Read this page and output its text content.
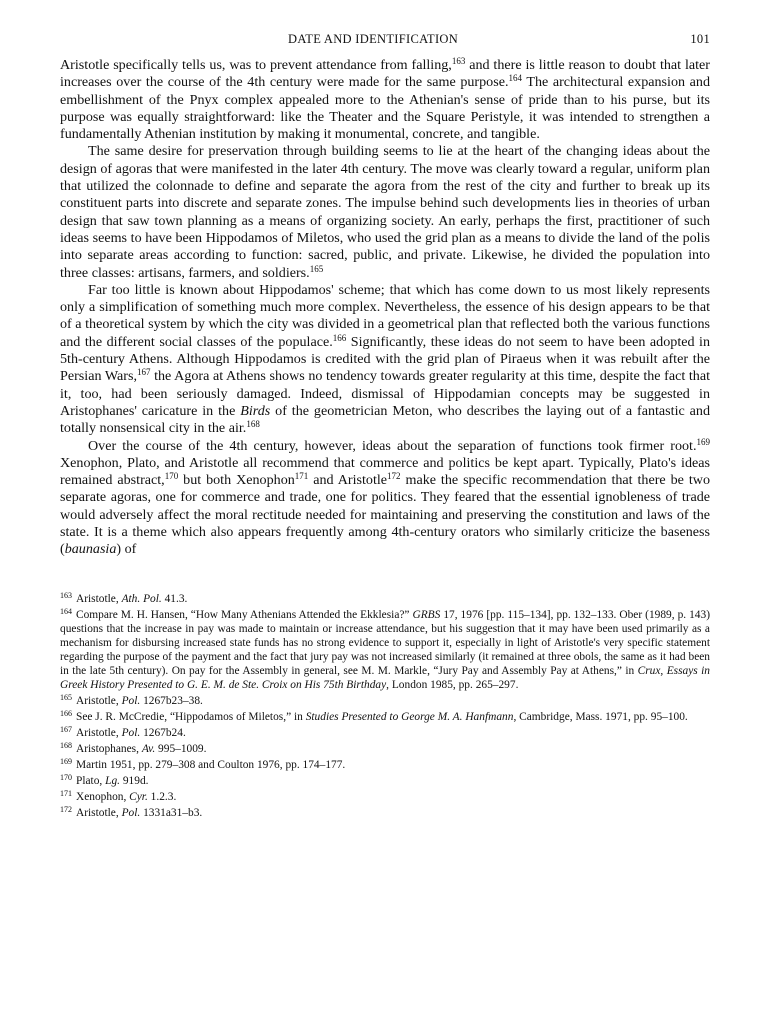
DATE AND IDENTIFICATION	101

Aristotle specifically tells us, was to prevent attendance from falling,$^{163}$ and there is little reason to doubt that later increases over the course of the 4th century were made for the same purpose.$^{164}$ The architectural expansion and embellishment of the Pnyx complex appealed more to the Athenian's sense of pride than to his purse, but its purpose was equally straightforward: like the Theater and the Square Peristyle, it was intended to strengthen a fundamentally Athenian institution by making it monumental, concrete, and tangible.

The same desire for preservation through building seems to lie at the heart of the changing ideas about the design of agoras that were manifested in the later 4th century. The move was clearly toward a regular, uniform plan that utilized the colonnade to define and separate the agora from the rest of the city and further to break up its constituent parts into discrete and separate zones. The impulse behind such developments lies in theories of urban design that saw town planning as a means of organizing society. An early, perhaps the first, practitioner of such ideas seems to have been Hippodamos of Miletos, who used the grid plan as a means to divide the land of the polis into separate areas according to function: sacred, public, and private. Likewise, he divided the population into three classes: artisans, farmers, and soldiers.$^{165}$

Far too little is known about Hippodamos' scheme; that which has come down to us most likely represents only a simplification of something much more complex. Nevertheless, the essence of his design appears to be that of a theoretical system by which the city was divided in a geometrical plan that reflected both the various functions and the different social classes of the populace.$^{166}$ Significantly, these ideas do not seem to have been adopted in 5th-century Athens. Although Hippodamos is credited with the grid plan of Piraeus when it was rebuilt after the Persian Wars,$^{167}$ the Agora at Athens shows no tendency towards greater regularity at this time, despite the fact that it, too, had been seriously damaged. Indeed, dismissal of Hippodamian concepts may be suggested in Aristophanes' caricature in the Birds of the geometrician Meton, who describes the laying out of a fantastic and totally nonsensical city in the air.$^{168}$

Over the course of the 4th century, however, ideas about the separation of functions took firmer root.$^{169}$ Xenophon, Plato, and Aristotle all recommend that commerce and politics be kept apart. Typically, Plato's ideas remained abstract,$^{170}$ but both Xenophon$^{171}$ and Aristotle$^{172}$ make the specific recommendation that there be two separate agoras, one for commerce and trade, one for politics. They feared that the essential ignobleness of trade would adversely affect the moral rectitude needed for maintaining and preserving the constitution and laws of the state. It is a theme which also appears frequently among 4th-century orators who similarly criticize the baseness (baunasia) of

$^{163}$ Aristotle, Ath. Pol. 41.3.

$^{164}$ Compare M. H. Hansen, “How Many Athenians Attended the Ekklesia?” GRBS 17, 1976 [pp. 115–134], pp. 132–133. Ober (1989, p. 143) questions that the increase in pay was made to maintain or increase attendance, but his suggestion that it may have been used primarily as a mechanism for disbursing increased state funds has no strong evidence to support it, especially in light of Aristotle's very specific statement regarding the purpose of the payment and the fact that jury pay was not increased similarly (it remained at three obols, the same as it had been in the late 5th century). On pay for the Assembly in general, see M. M. Markle, “Jury Pay and Assembly Pay at Athens,” in Crux, Essays in Greek History Presented to G. E. M. de Ste. Croix on His 75th Birthday, London 1985, pp. 265–297.

$^{165}$ Aristotle, Pol. 1267b23–38.

$^{166}$ See J. R. McCredie, “Hippodamos of Miletos,” in Studies Presented to George M. A. Hanfmann, Cambridge, Mass. 1971, pp. 95–100.

$^{167}$ Aristotle, Pol. 1267b24.

$^{168}$ Aristophanes, Av. 995–1009.

$^{169}$ Martin 1951, pp. 279–308 and Coulton 1976, pp. 174–177.

$^{170}$ Plato, Lg. 919d.

$^{171}$ Xenophon, Cyr. 1.2.3.

$^{172}$ Aristotle, Pol. 1331a31–b3.
